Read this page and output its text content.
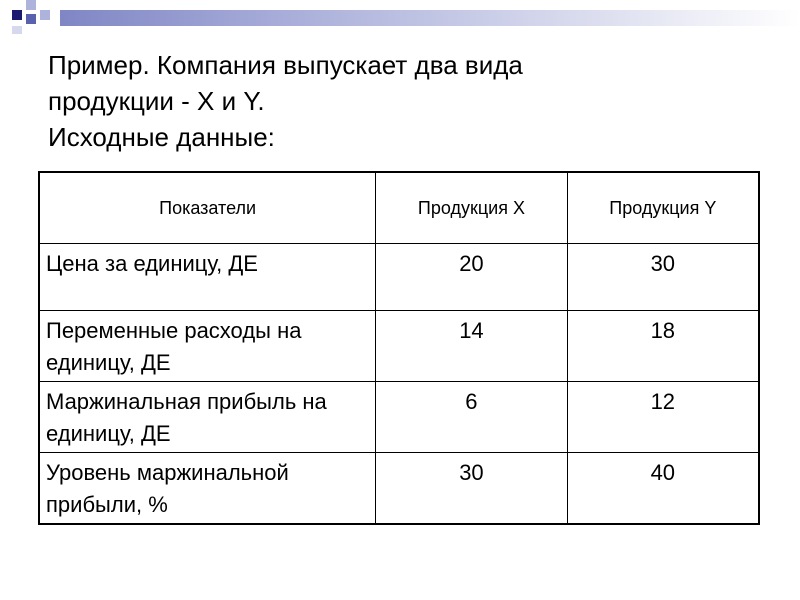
Пример. Компания выпускает два вида
продукции - X и Y.
Исходные данные:
Показатели	Продукция X	Продукция Y
Цена за единицу, ДЕ	20	30
Переменные расходы на единицу, ДЕ	14	18
Маржинальная прибыль на единицу, ДЕ	6	12
Уровень маржинальной прибыли, %	30	40
